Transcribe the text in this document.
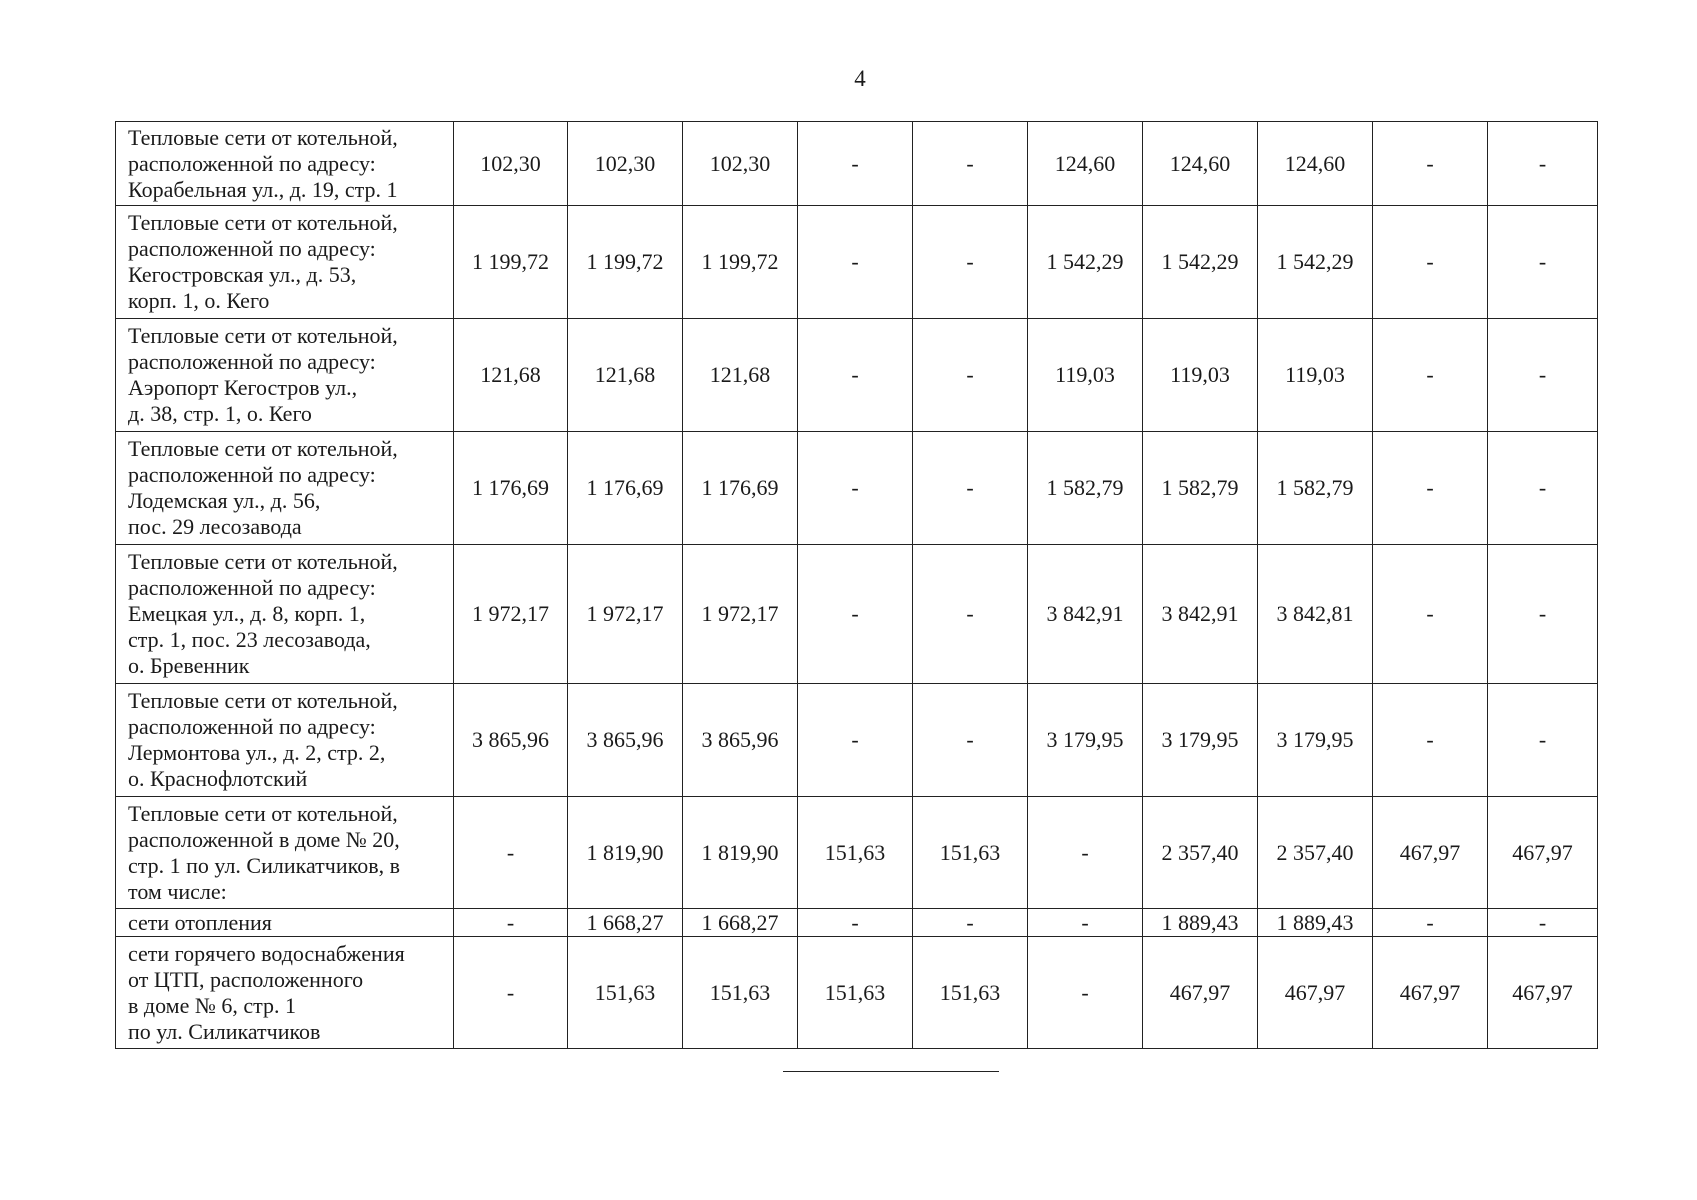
4
Тепловые сети от котельной,
расположенной по адресу:
Корабельная ул., д. 19, стр. 1	102,30	102,30	102,30	-	-	124,60	124,60	124,60	-	-

Тепловые сети от котельной,
расположенной по адресу:
Кегостровская ул., д. 53,
корп. 1, о. Кего	1 199,72	1 199,72	1 199,72	-	-	1 542,29	1 542,29	1 542,29	-	-

Тепловые сети от котельной,
расположенной по адресу:
Аэропорт Кегостров ул.,
д. 38, стр. 1, о. Кего	121,68	121,68	121,68	-	-	119,03	119,03	119,03	-	-

Тепловые сети от котельной,
расположенной по адресу:
Лодемская ул., д. 56,
пос. 29 лесозавода	1 176,69	1 176,69	1 176,69	-	-	1 582,79	1 582,79	1 582,79	-	-

Тепловые сети от котельной,
расположенной по адресу:
Емецкая ул., д. 8, корп. 1,
стр. 1, пос. 23 лесозавода,
о. Бревенник	1 972,17	1 972,17	1 972,17	-	-	3 842,91	3 842,91	3 842,81	-	-

Тепловые сети от котельной,
расположенной по адресу:
Лермонтова ул., д. 2, стр. 2,
о. Краснофлотский	3 865,96	3 865,96	3 865,96	-	-	3 179,95	3 179,95	3 179,95	-	-

Тепловые сети от котельной,
расположенной в доме № 20,
стр. 1 по ул. Силикатчиков, в
том числе:	-	1 819,90	1 819,90	151,63	151,63	-	2 357,40	2 357,40	467,97	467,97

сети отопления	-	1 668,27	1 668,27	-	-	-	1 889,43	1 889,43	-	-

сети горячего водоснабжения
от ЦТП, расположенного
в доме № 6, стр. 1
по ул. Силикатчиков	-	151,63	151,63	151,63	151,63	-	467,97	467,97	467,97	467,97
